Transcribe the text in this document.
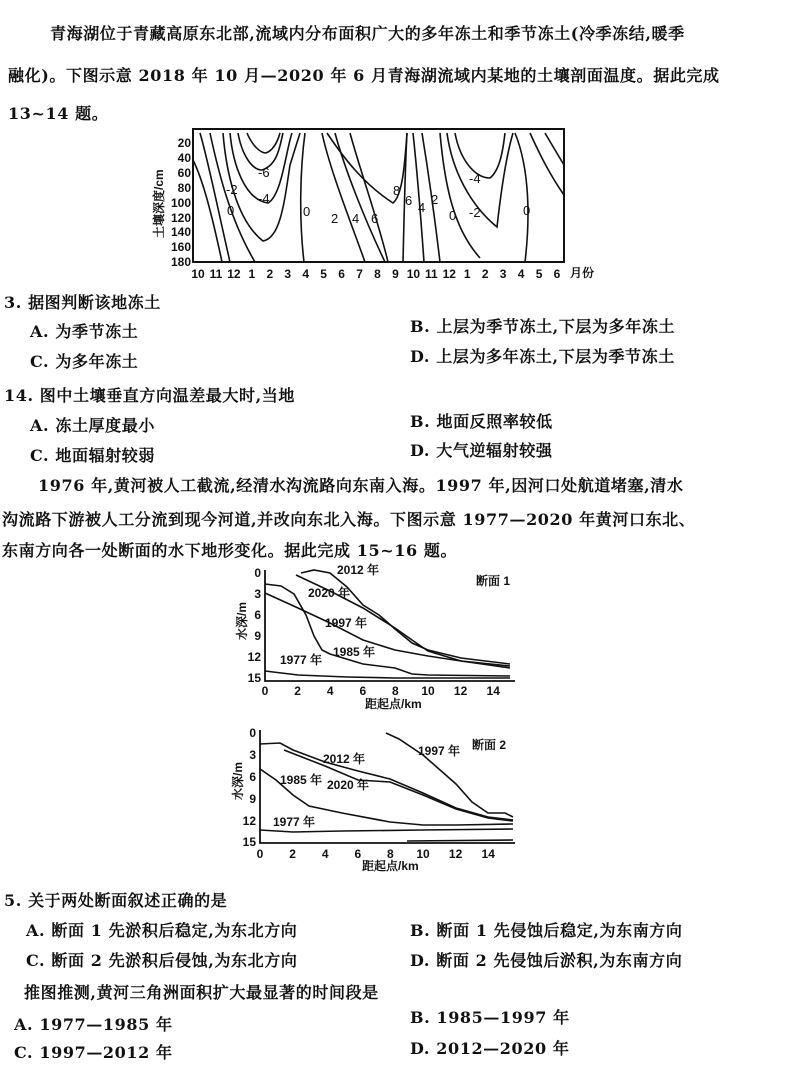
青海湖位于青藏高原东北部,流域内分布面积广大的多年冻土和季节冻土(冷季冻结,暖季
融化)。下图示意 2018 年 10 月—2020 年 6 月青海湖流域内某地的土壤剖面温度。据此完成
13~14 题。
-6
-2
-4
0	0 2 4 6
8
6 4
2
0 -2
-4
0
20
40
60
80
100
120
140
160
180
土壤深度/cm
10 11 12 1 2 3 4 5 6 7 8 9 10 11 12 1 2 3 4 5 6 月份
2012 年
2020 年
1997 年
1985 年
1977 年
断面 1
0
3
6
9
12
15
0 2 4 6 8 10 12 14
水深/m
距起点/km
1997 年
2012 年
2020 年
1985 年
1977 年
断面 2
0
3
6
9
12
15
0 2 4 6 8 10 12 14
水深/m
距起点/km
3. 据图判断该地冻土
A. 为季节冻土	B. 上层为季节冻土,下层为多年冻土
C. 为多年冻土	D. 上层为多年冻土,下层为季节冻土
14. 图中土壤垂直方向温差最大时,当地
A. 冻土厚度最小	B. 地面反照率较低
C. 地面辐射较弱	D. 大气逆辐射较强
1976 年,黄河被人工截流,经清水沟流路向东南入海。1997 年,因河口处航道堵塞,清水
沟流路下游被人工分流到现今河道,并改向东北入海。下图示意 1977—2020 年黄河口东北、
东南方向各一处断面的水下地形变化。据此完成 15~16 题。
5. 关于两处断面叙述正确的是
A. 断面 1 先淤积后稳定,为东北方向	B. 断面 1 先侵蚀后稳定,为东南方向
C. 断面 2 先淤积后侵蚀,为东北方向	D. 断面 2 先侵蚀后淤积,为东南方向
推图推测,黄河三角洲面积扩大最显著的时间段是
A. 1977—1985 年	B. 1985—1997 年
C. 1997—2012 年	D. 2012—2020 年
